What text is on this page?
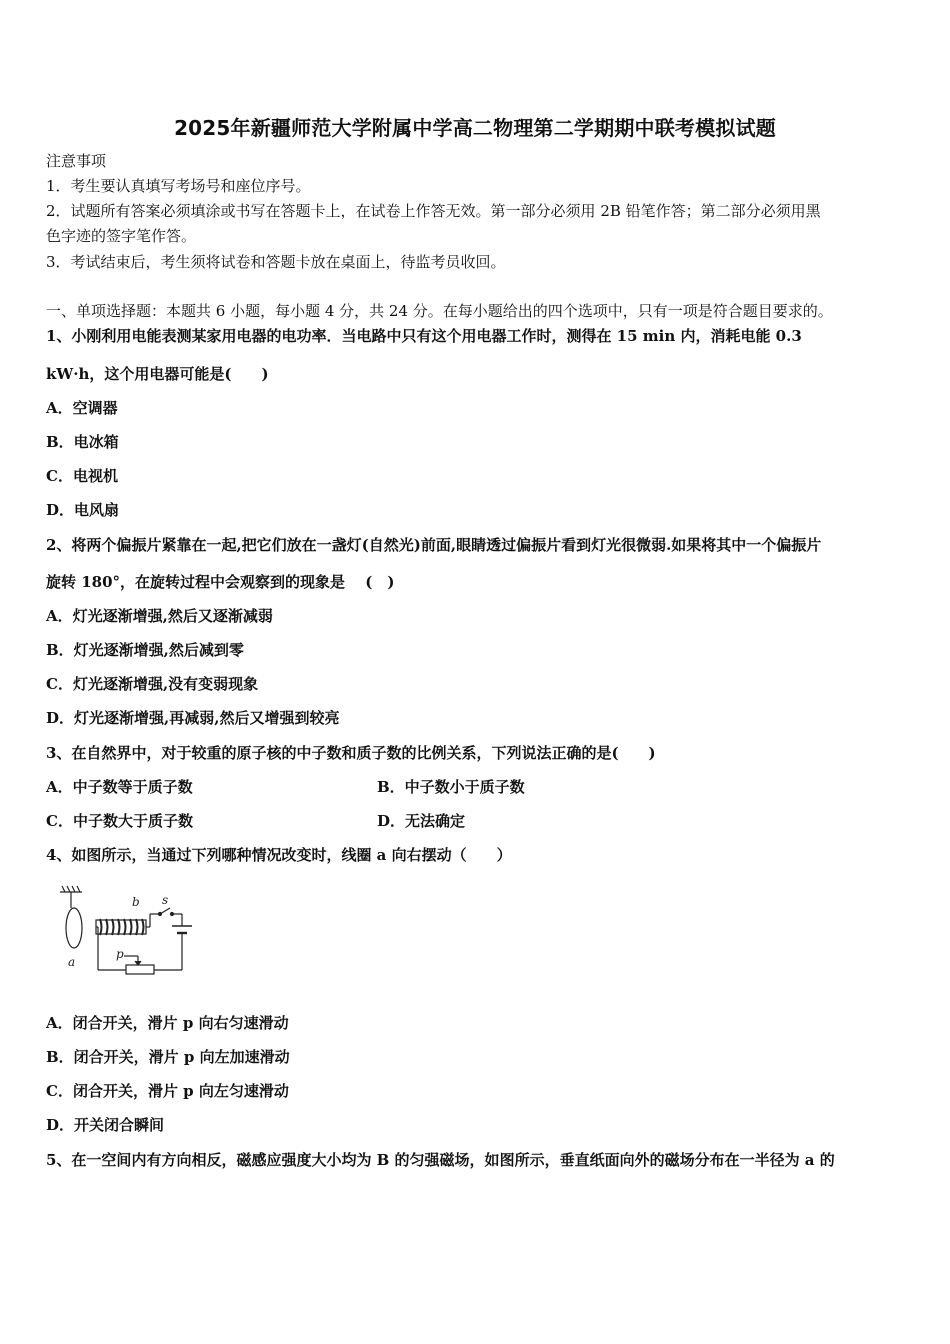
2025年新疆师范大学附属中学高二物理第二学期期中联考模拟试题
注意事项
1．考生要认真填写考场号和座位序号。
2．试题所有答案必须填涂或书写在答题卡上，在试卷上作答无效。第一部分必须用 2B 铅笔作答；第二部分必须用黑
色字迹的签字笔作答。
3．考试结束后，考生须将试卷和答题卡放在桌面上，待监考员收回。
一、单项选择题：本题共 6 小题，每小题 4 分，共 24 分。在每小题给出的四个选项中，只有一项是符合题目要求的。
1、小刚利用电能表测某家用电器的电功率．当电路中只有这个用电器工作时，测得在 15 min 内，消耗电能 0.3
kW·h，这个用电器可能是(　　)
A．空调器
B．电冰箱
C．电视机
D．电风扇
2、将两个偏振片紧靠在一起,把它们放在一盏灯(自然光)前面,眼睛透过偏振片看到灯光很微弱.如果将其中一个偏振片
旋转 180°，在旋转过程中会观察到的现象是　 (　)
A．灯光逐渐增强,然后又逐渐减弱
B．灯光逐渐增强,然后减到零
C．灯光逐渐增强,没有变弱现象
D．灯光逐渐增强,再减弱,然后又增强到较亮
3、在自然界中，对于较重的原子核的中子数和质子数的比例关系，下列说法正确的是(　　)
A．中子数等于质子数	B．中子数小于质子数
C．中子数大于质子数	D．无法确定
4、如图所示，当通过下列哪种情况改变时，线圈 a 向右摆动（　　）
a
b s
p
A．闭合开关，滑片 p 向右匀速滑动
B．闭合开关，滑片 p 向左加速滑动
C．闭合开关，滑片 p 向左匀速滑动
D．开关闭合瞬间
5、在一空间内有方向相反，磁感应强度大小均为 B 的匀强磁场，如图所示，垂直纸面向外的磁场分布在一半径为 a 的
